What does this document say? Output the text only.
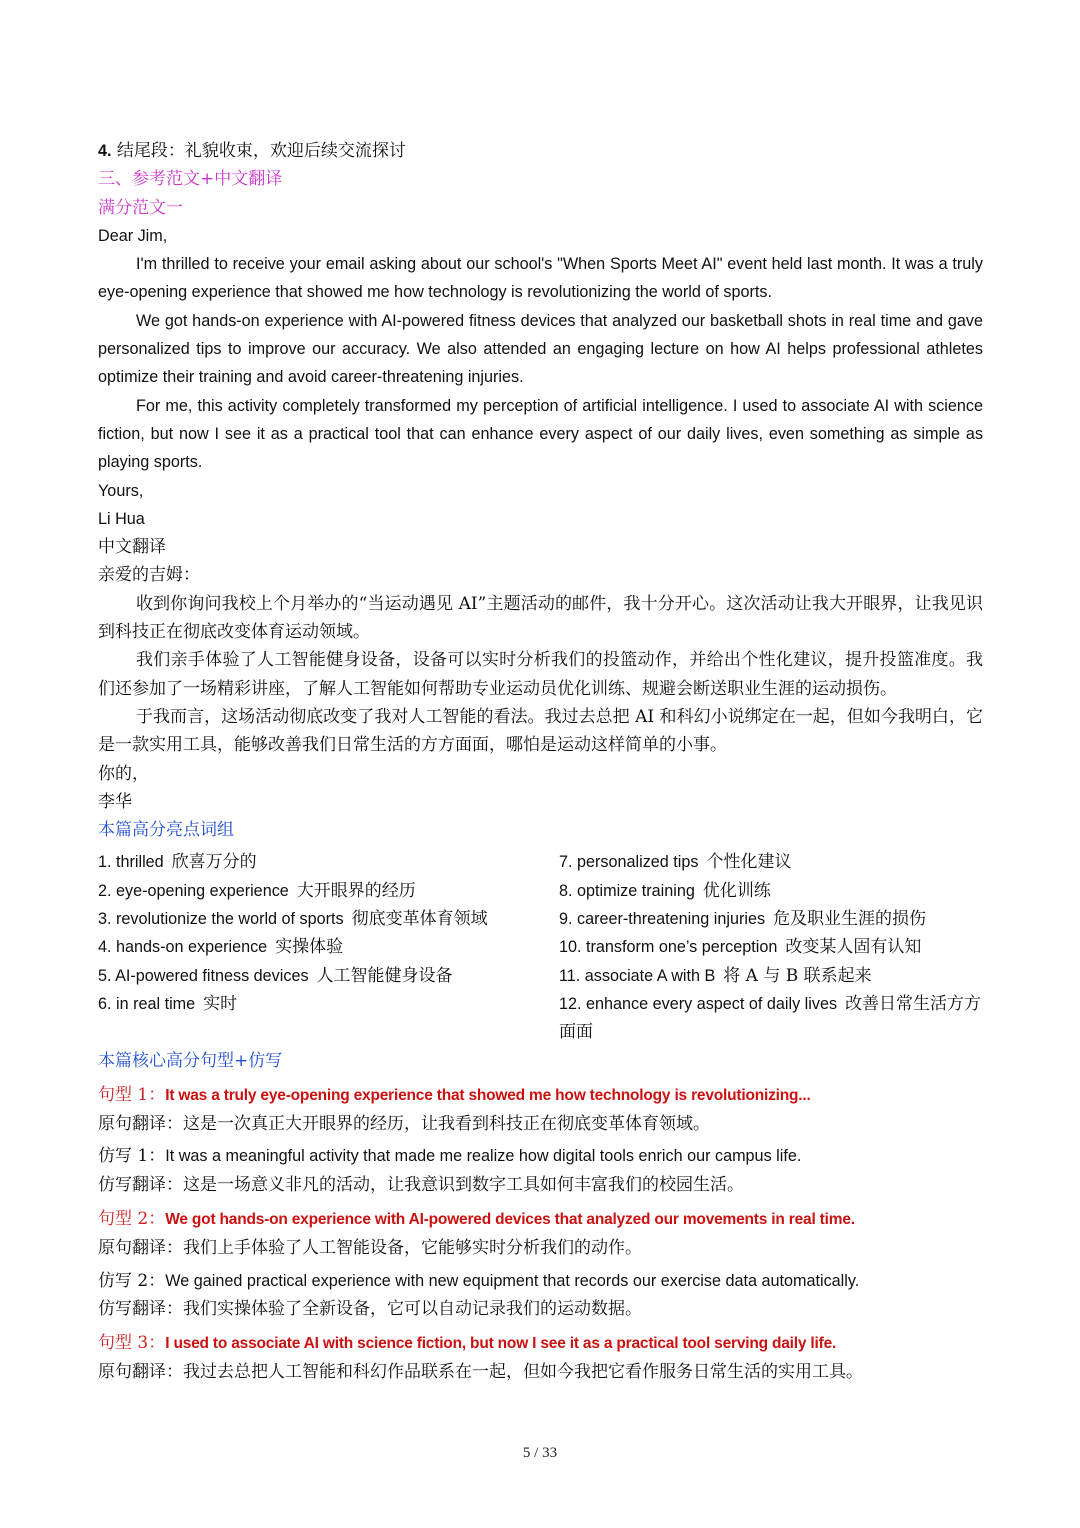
4. 结尾段：礼貌收束，欢迎后续交流探讨
三、参考范文+中文翻译
满分范文一
Dear Jim,

I'm thrilled to receive your email asking about our school's "When Sports Meet AI" event held last month. It was a truly eye-opening experience that showed me how technology is revolutionizing the world of sports.

We got hands-on experience with AI-powered fitness devices that analyzed our basketball shots in real time and gave personalized tips to improve our accuracy. We also attended an engaging lecture on how AI helps professional athletes optimize their training and avoid career-threatening injuries.

For me, this activity completely transformed my perception of artificial intelligence. I used to associate AI with science fiction, but now I see it as a practical tool that can enhance every aspect of our daily lives, even something as simple as playing sports.

Yours,
Li Hua
中文翻译
亲爱的吉姆：

收到你询问我校上个月举办的“当运动遇见 AI”主题活动的邮件，我十分开心。这次活动让我大开眼界，让我见识到科技正在彻底改变体育运动领域。

我们亲手体验了人工智能健身设备，设备可以实时分析我们的投篮动作，并给出个性化建议，提升投篮准度。我们还参加了一场精彩讲座，了解人工智能如何帮助专业运动员优化训练、规避会断送职业生涯的运动损伤。

于我而言，这场活动彻底改变了我对人工智能的看法。我过去总把 AI 和科幻小说绑定在一起，但如今我明白，它是一款实用工具，能够改善我们日常生活的方方面面，哪怕是运动这样简单的小事。

你的，
李华
本篇高分亮点词组
1. thrilled 欣喜万分的
2. eye-opening experience 大开眼界的经历
3. revolutionize the world of sports 彻底变革体育领域
4. hands-on experience 实操体验
5. AI-powered fitness devices 人工智能健身设备
6. in real time 实时
7. personalized tips 个性化建议
8. optimize training 优化训练
9. career-threatening injuries 危及职业生涯的损伤
10. transform one’s perception 改变某人固有认知
11. associate A with B 将 A 与 B 联系起来
12. enhance every aspect of daily lives 改善日常生活方方面面
本篇核心高分句型+仿写
句型 1：It was a truly eye-opening experience that showed me how technology is revolutionizing...
原句翻译：这是一次真正大开眼界的经历，让我看到科技正在彻底变革体育领域。
仿写 1：It was a meaningful activity that made me realize how digital tools enrich our campus life.
仿写翻译：这是一场意义非凡的活动，让我意识到数字工具如何丰富我们的校园生活。
句型 2：We got hands-on experience with AI-powered devices that analyzed our movements in real time.
原句翻译：我们上手体验了人工智能设备，它能够实时分析我们的动作。
仿写 2：We gained practical experience with new equipment that records our exercise data automatically.
仿写翻译：我们实操体验了全新设备，它可以自动记录我们的运动数据。
句型 3：I used to associate AI with science fiction, but now I see it as a practical tool serving daily life.
原句翻译：我过去总把人工智能和科幻作品联系在一起，但如今我把它看作服务日常生活的实用工具。
5 / 33
